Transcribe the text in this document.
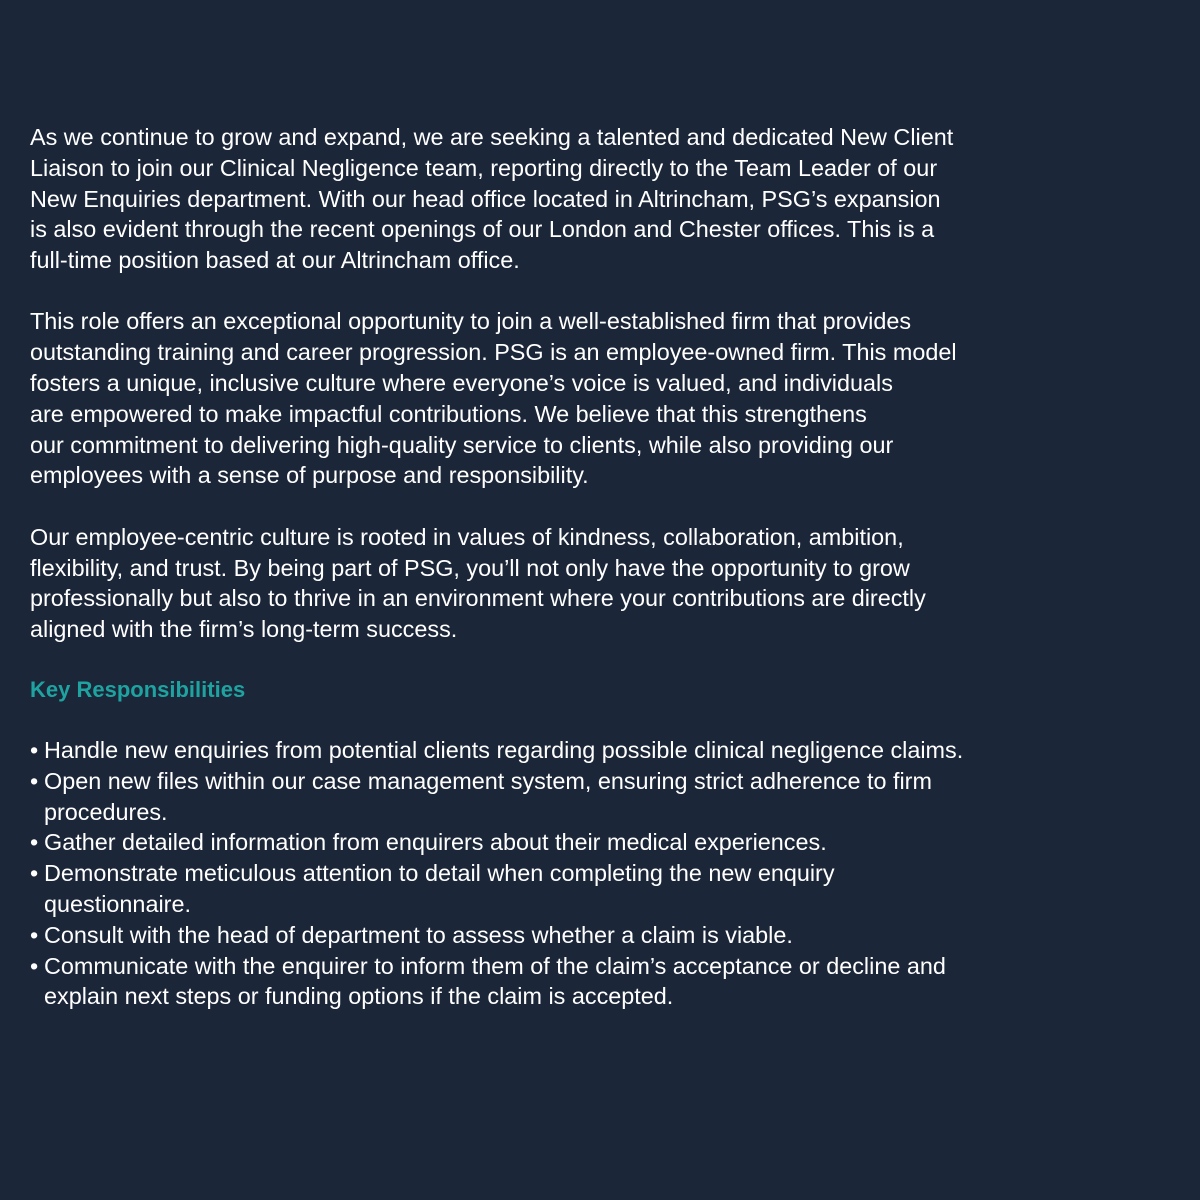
As we continue to grow and expand, we are seeking a talented and dedicated New Client
Liaison to join our Clinical Negligence team, reporting directly to the Team Leader of our
New Enquiries department. With our head office located in Altrincham, PSG’s expansion
is also evident through the recent openings of our London and Chester offices. This is a
full-time position based at our Altrincham office.

This role offers an exceptional opportunity to join a well-established firm that provides
outstanding training and career progression. PSG is an employee-owned firm. This model
fosters a unique, inclusive culture where everyone’s voice is valued, and individuals
are empowered to make impactful contributions. We believe that this strengthens
our commitment to delivering high-quality service to clients, while also providing our
employees with a sense of purpose and responsibility.

Our employee-centric culture is rooted in values of kindness, collaboration, ambition,
flexibility, and trust. By being part of PSG, you’ll not only have the opportunity to grow
professionally but also to thrive in an environment where your contributions are directly
aligned with the firm’s long-term success.

Key Responsibilities
• Handle new enquiries from potential clients regarding possible clinical negligence claims.
• Open new files within our case management system, ensuring strict adherence to firm
procedures.
• Gather detailed information from enquirers about their medical experiences.
• Demonstrate meticulous attention to detail when completing the new enquiry
questionnaire.
• Consult with the head of department to assess whether a claim is viable.
• Communicate with the enquirer to inform them of the claim’s acceptance or decline and
explain next steps or funding options if the claim is accepted.
